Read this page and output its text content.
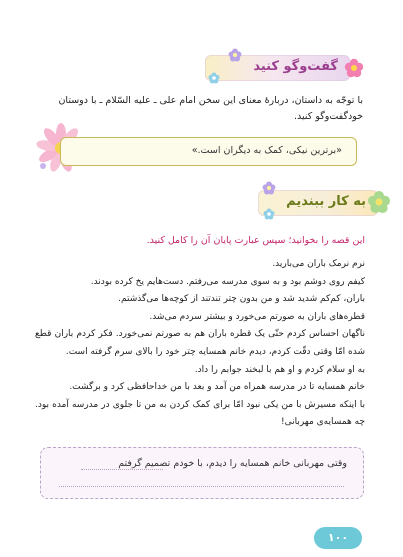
گفت‌وگو کنید
با توجّه به داستان، دربارۀ معنای این سخن امام علی ـ علیه السّلام ـ با دوستان خودگفت‌وگو کنید.
«برترین نیکی، کمک به دیگران است.»
به کار ببندیم
این قصه را بخوانید؛ سپس عبارت پایان آن را کامل کنید.

نرم نرمک باران می‌بارید.

کیفم روی دوشم بود و به سوی مدرسه می‌رفتم. دست‌هایم یخ کرده بودند.

باران، کم‌کم شدید شد و من بدون چتر تندتند از کوچه‌ها می‌گذشتم.

قطره‌های باران به صورتم می‌خورد و بیشتر سردم می‌شد.

ناگهان احساس کردم حتّی یک قطره باران هم به صورتم نمی‌خورد. فکر کردم باران قطع شده امّا وقتی دقّت کردم، دیدم خانم همسایه چتر خود را بالای سرم گرفته است.

به او سلام کردم و او هم با لبخند جوابم را داد.

خانم همسایه تا در مدرسه همراه من آمد و بعد با من خداحافظی کرد و برگشت.

با اینکه مسیرش با من یکی نبود امّا برای کمک کردن به من تا جلوی در مدرسه آمده بود. چه همسایه‌ی مهربانی!

وقتی مهربانی خانم همسایه را دیدم، با خودم تصمیم گرفتم
۱۰۰
